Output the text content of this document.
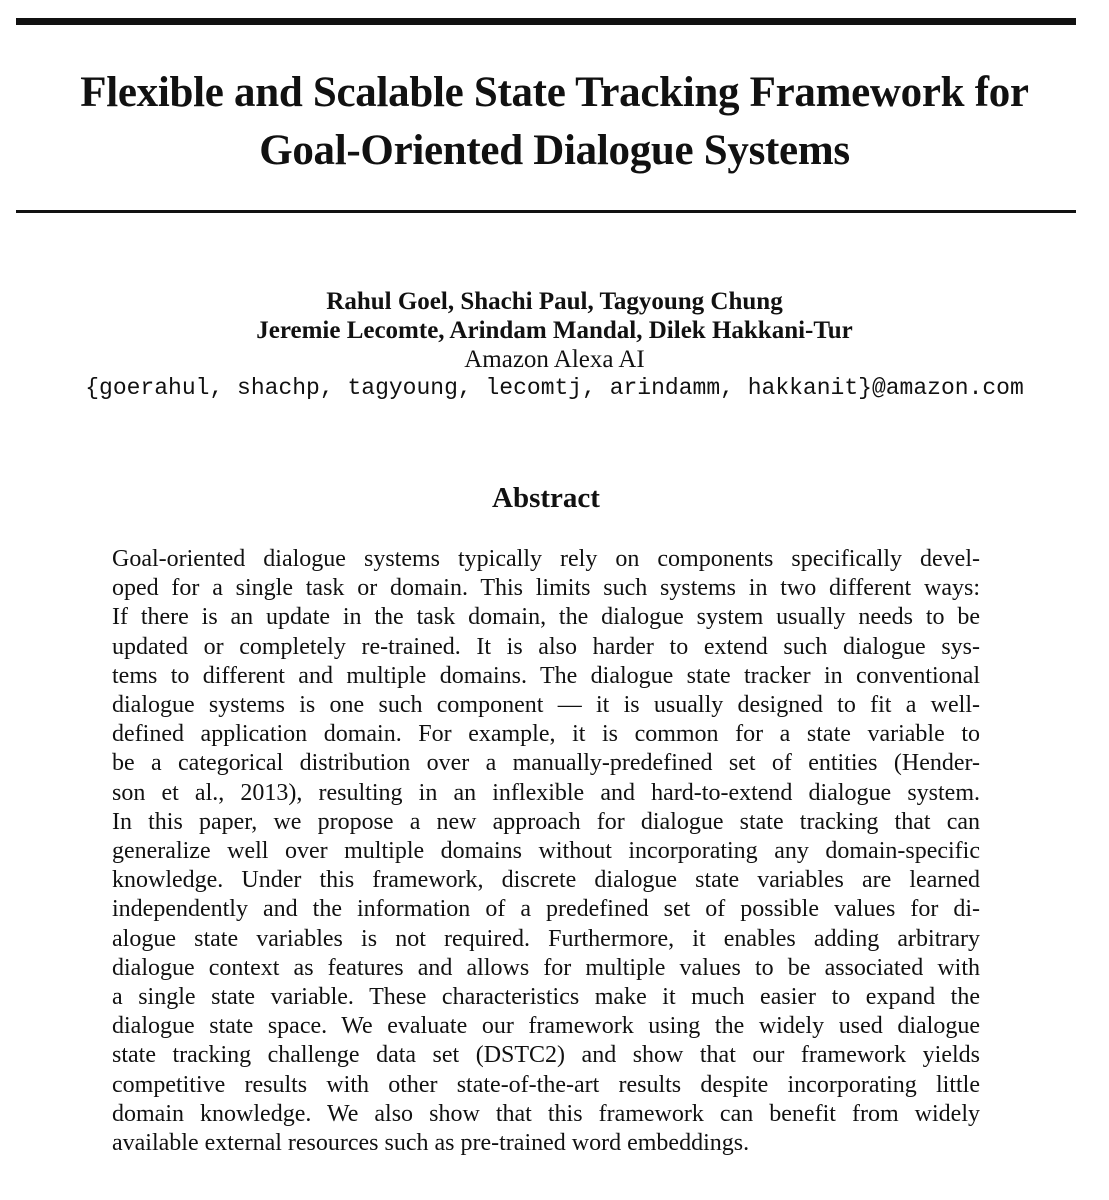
Flexible and Scalable State Tracking Framework for
Goal-Oriented Dialogue Systems
Rahul Goel, Shachi Paul, Tagyoung Chung
Jeremie Lecomte, Arindam Mandal, Dilek Hakkani-Tur
Amazon Alexa AI
{goerahul, shachp, tagyoung, lecomtj, arindamm, hakkanit}@amazon.com
Abstract
Goal-oriented dialogue systems typically rely on components specifically devel-
oped for a single task or domain. This limits such systems in two different ways:
If there is an update in the task domain, the dialogue system usually needs to be
updated or completely re-trained. It is also harder to extend such dialogue sys-
tems to different and multiple domains. The dialogue state tracker in conventional
dialogue systems is one such component — it is usually designed to fit a well-
defined application domain. For example, it is common for a state variable to
be a categorical distribution over a manually-predefined set of entities (Hender-
son et al., 2013), resulting in an inflexible and hard-to-extend dialogue system.
In this paper, we propose a new approach for dialogue state tracking that can
generalize well over multiple domains without incorporating any domain-specific
knowledge. Under this framework, discrete dialogue state variables are learned
independently and the information of a predefined set of possible values for di-
alogue state variables is not required. Furthermore, it enables adding arbitrary
dialogue context as features and allows for multiple values to be associated with
a single state variable. These characteristics make it much easier to expand the
dialogue state space. We evaluate our framework using the widely used dialogue
state tracking challenge data set (DSTC2) and show that our framework yields
competitive results with other state-of-the-art results despite incorporating little
domain knowledge. We also show that this framework can benefit from widely
available external resources such as pre-trained word embeddings.
